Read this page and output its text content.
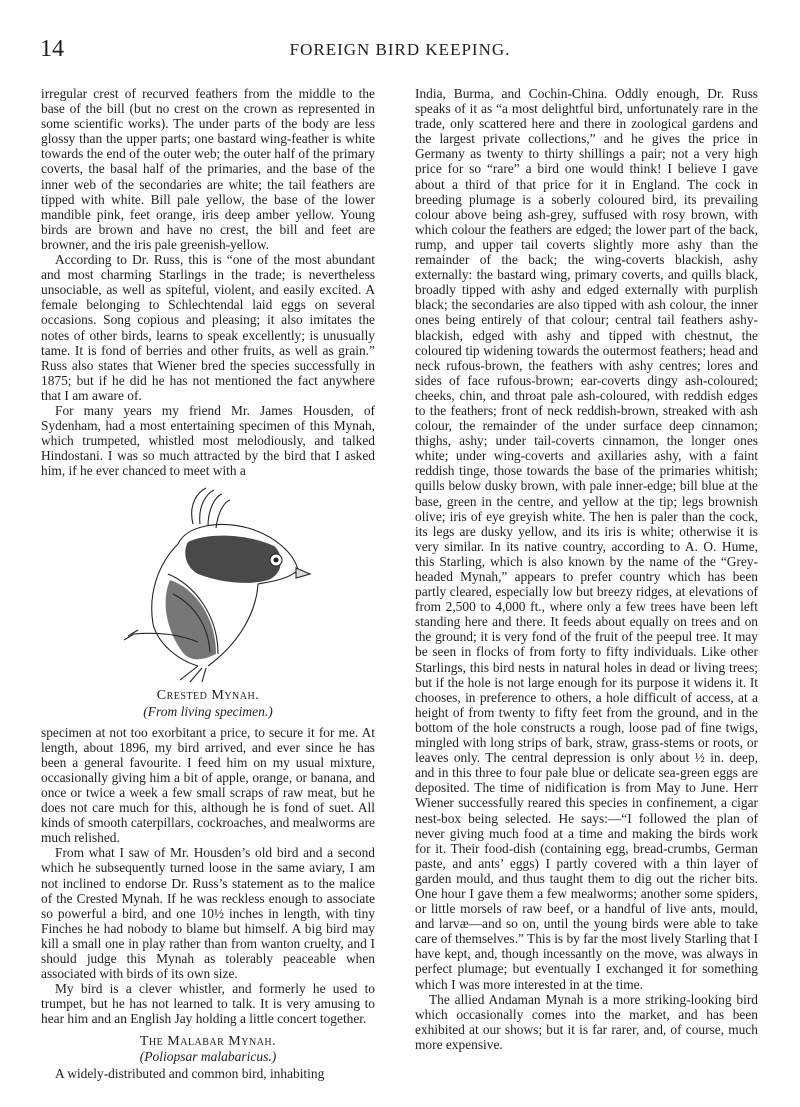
14	FOREIGN BIRD KEEPING.

irregular crest of recurved feathers from the middle to the base of the bill (but no crest on the crown as represented in some scientific works). The under parts of the body are less glossy than the upper parts; one bastard wing-feather is white towards the end of the outer web; the outer half of the primary coverts, the basal half of the primaries, and the base of the inner web of the secondaries are white; the tail feathers are tipped with white. Bill pale yellow, the base of the lower mandible pink, feet orange, iris deep amber yellow. Young birds are brown and have no crest, the bill and feet are browner, and the iris pale greenish-yellow.

According to Dr. Russ, this is “one of the most abundant and most charming Starlings in the trade; is nevertheless unsociable, as well as spiteful, violent, and easily excited. A female belonging to Schlechtendal laid eggs on several occasions. Song copious and pleasing; it also imitates the notes of other birds, learns to speak excellently; is unusually tame. It is fond of berries and other fruits, as well as grain.” Russ also states that Wiener bred the species successfully in 1875; but if he did he has not mentioned the fact anywhere that I am aware of.

For many years my friend Mr. James Housden, of Sydenham, had a most entertaining specimen of this Mynah, which trumpeted, whistled most melodiously, and talked Hindostani. I was so much attracted by the bird that I asked him, if he ever chanced to meet with a

Crested Mynah.
(From living specimen.)

specimen at not too exorbitant a price, to secure it for me. At length, about 1896, my bird arrived, and ever since he has been a general favourite. I feed him on my usual mixture, occasionally giving him a bit of apple, orange, or banana, and once or twice a week a few small scraps of raw meat, but he does not care much for this, although he is fond of suet. All kinds of smooth caterpillars, cockroaches, and mealworms are much relished.

From what I saw of Mr. Housden’s old bird and a second which he subsequently turned loose in the same aviary, I am not inclined to endorse Dr. Russ’s statement as to the malice of the Crested Mynah. If he was reckless enough to associate so powerful a bird, and one 10½ inches in length, with tiny Finches he had nobody to blame but himself. A big bird may kill a small one in play rather than from wanton cruelty, and I should judge this Mynah as tolerably peaceable when associated with birds of its own size.

My bird is a clever whistler, and formerly he used to trumpet, but he has not learned to talk. It is very amusing to hear him and an English Jay holding a little concert together.

The Malabar Mynah.
(Poliopsar malabaricus.)

A widely-distributed and common bird, inhabiting

India, Burma, and Cochin-China. Oddly enough, Dr. Russ speaks of it as “a most delightful bird, unfortunately rare in the trade, only scattered here and there in zoological gardens and the largest private collections,” and he gives the price in Germany as twenty to thirty shillings a pair; not a very high price for so “rare” a bird one would think! I believe I gave about a third of that price for it in England. The cock in breeding plumage is a soberly coloured bird, its prevailing colour above being ash-grey, suffused with rosy brown, with which colour the feathers are edged; the lower part of the back, rump, and upper tail coverts slightly more ashy than the remainder of the back; the wing-coverts blackish, ashy externally: the bastard wing, primary coverts, and quills black, broadly tipped with ashy and edged externally with purplish black; the secondaries are also tipped with ash colour, the inner ones being entirely of that colour; central tail feathers ashy-blackish, edged with ashy and tipped with chestnut, the coloured tip widening towards the outermost feathers; head and neck rufous-brown, the feathers with ashy centres; lores and sides of face rufous-brown; ear-coverts dingy ash-coloured; cheeks, chin, and throat pale ash-coloured, with reddish edges to the feathers; front of neck reddish-brown, streaked with ash colour, the remainder of the under surface deep cinnamon; thighs, ashy; under tail-coverts cinnamon, the longer ones white; under wing-coverts and axillaries ashy, with a faint reddish tinge, those towards the base of the primaries whitish; quills below dusky brown, with pale inner-edge; bill blue at the base, green in the centre, and yellow at the tip; legs brownish olive; iris of eye greyish white. The hen is paler than the cock, its legs are dusky yellow, and its iris is white; otherwise it is very similar. In its native country, according to A. O. Hume, this Starling, which is also known by the name of the “Grey-headed Mynah,” appears to prefer country which has been partly cleared, especially low but breezy ridges, at elevations of from 2,500 to 4,000 ft., where only a few trees have been left standing here and there. It feeds about equally on trees and on the ground; it is very fond of the fruit of the peepul tree. It may be seen in flocks of from forty to fifty individuals. Like other Starlings, this bird nests in natural holes in dead or living trees; but if the hole is not large enough for its purpose it widens it. It chooses, in preference to others, a hole difficult of access, at a height of from twenty to fifty feet from the ground, and in the bottom of the hole constructs a rough, loose pad of fine twigs, mingled with long strips of bark, straw, grass-stems or roots, or leaves only. The central depression is only about ½ in. deep, and in this three to four pale blue or delicate sea-green eggs are deposited. The time of nidification is from May to June. Herr Wiener successfully reared this species in confinement, a cigar nest-box being selected. He says:—“I followed the plan of never giving much food at a time and making the birds work for it. Their food-dish (containing egg, bread-crumbs, German paste, and ants’ eggs) I partly covered with a thin layer of garden mould, and thus taught them to dig out the richer bits. One hour I gave them a few mealworms; another some spiders, or little morsels of raw beef, or a handful of live ants, mould, and larvæ—and so on, until the young birds were able to take care of themselves.” This is by far the most lively Starling that I have kept, and, though incessantly on the move, was always in perfect plumage; but eventually I exchanged it for something which I was more interested in at the time.

The allied Andaman Mynah is a more striking-looking bird which occasionally comes into the market, and has been exhibited at our shows; but it is far rarer, and, of course, much more expensive.
